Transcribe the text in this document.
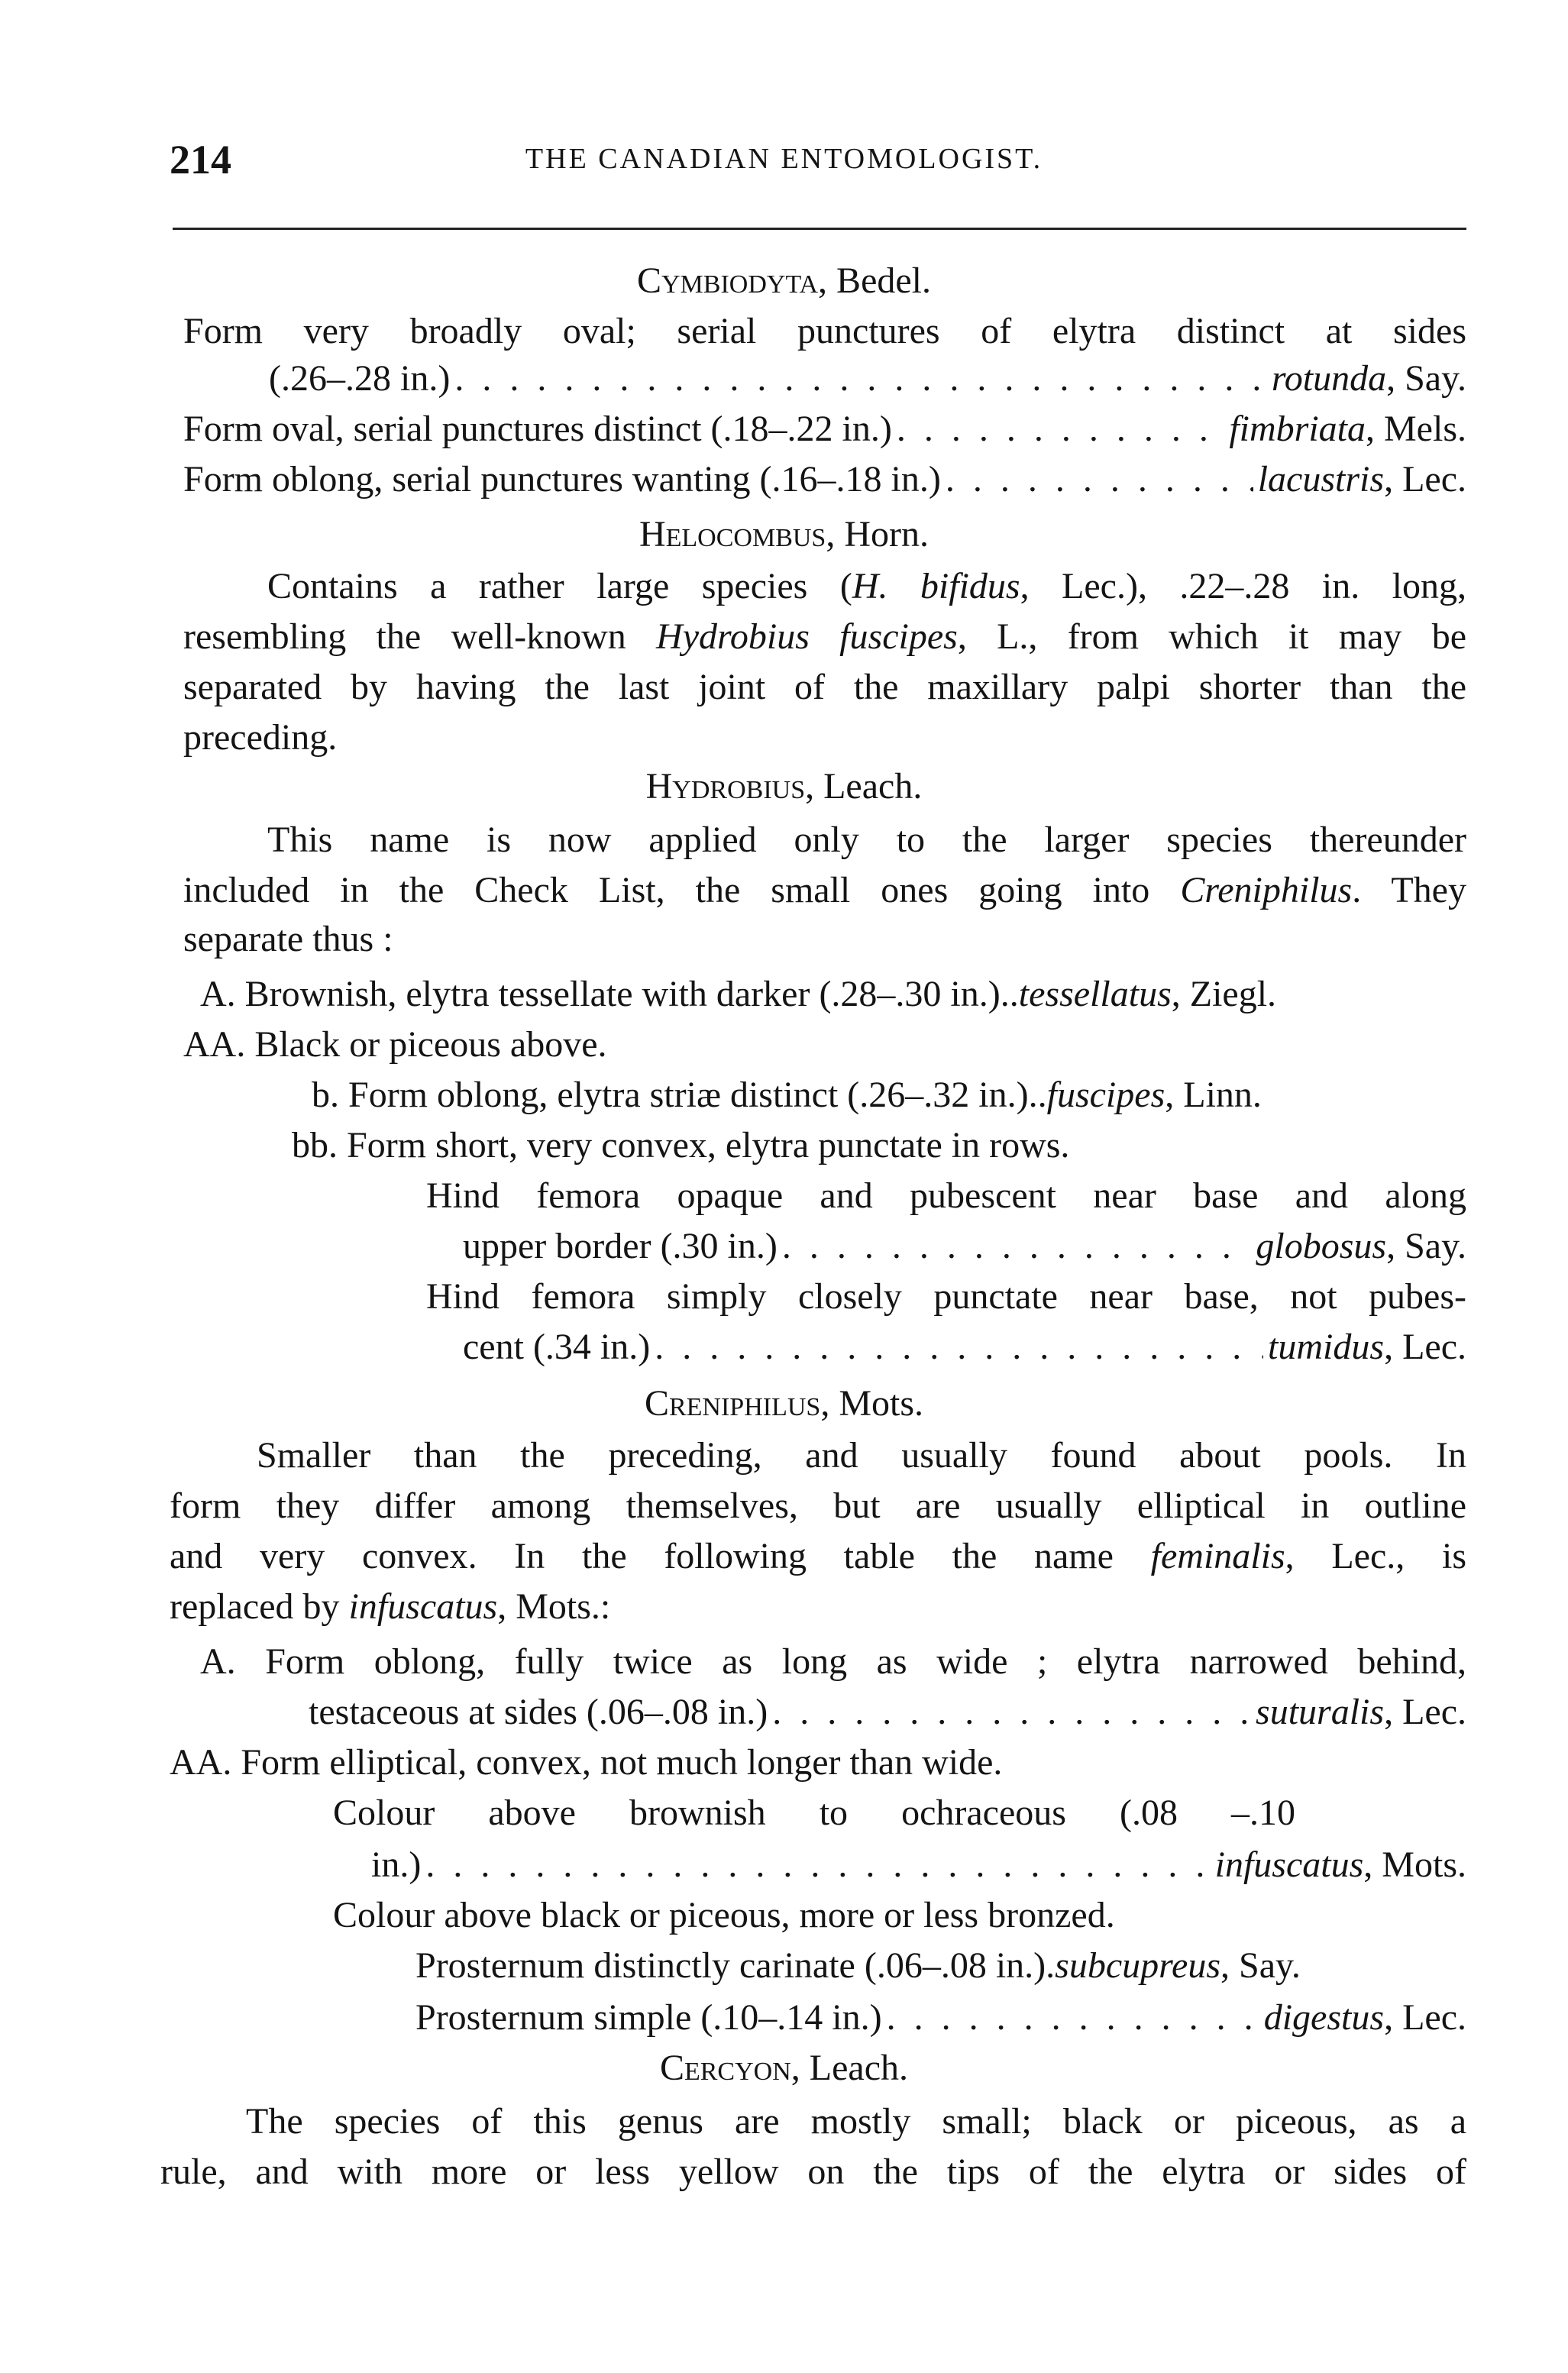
214	THE CANADIAN ENTOMOLOGIST.
Cymbiodyta, Bedel.
Form very broadly oval; serial punctures of elytra distinct at sides
(.26–.28 in.) . . .	rotunda , Say.
Form oval, serial punctures distinct (.18–.22 in.) . . .	fimbriata , Mels.
Form oblong, serial punctures wanting (.16–.18 in.) . . .	lacustris , Lec.
Helocombus, Horn.
Contains a rather large species (H. bifidus, Lec.), .22–.28 in. long,
resembling the well-known Hydrobius fuscipes, L., from which it may be
separated by having the last joint of the maxillary palpi shorter than the
preceding.
Hydrobius, Leach.
This name is now applied only to the larger species thereunder
included in the Check List, the small ones going into Creniphilus. They
separate thus :
A. Brownish, elytra tessellate with darker (.28–.30 in.).. tessellatus , Ziegl.
AA. Black or piceous above.
b. Form oblong, elytra striæ distinct (.26–.32 in.).. fuscipes , Linn.
bb. Form short, very convex, elytra punctate in rows.
Hind femora opaque and pubescent near base and along
upper border (.30 in.) . . .	globosus , Say.
Hind femora simply closely punctate near base, not pubes-
cent (.34 in.) . . .	tumidus , Lec.
Creniphilus, Mots.
Smaller than the preceding, and usually found about pools. In
form they differ among themselves, but are usually elliptical in outline
and very convex. In the following table the name feminalis, Lec., is
replaced by infuscatus, Mots.:
A. Form oblong, fully twice as long as wide ; elytra narrowed behind,
testaceous at sides (.06–.08 in.) . . .	suturalis , Lec.
AA. Form elliptical, convex, not much longer than wide.
Colour above brownish to ochraceous (.08 –.10
in.) . . .	infuscatus , Mots.
Colour above black or piceous, more or less bronzed.
Prosternum distinctly carinate (.06–.08 in.). subcupreus , Say.
Prosternum simple (.10–.14 in.) . . .	digestus , Lec.
Cercyon, Leach.
The species of this genus are mostly small; black or piceous, as a
rule, and with more or less yellow on the tips of the elytra or sides of
